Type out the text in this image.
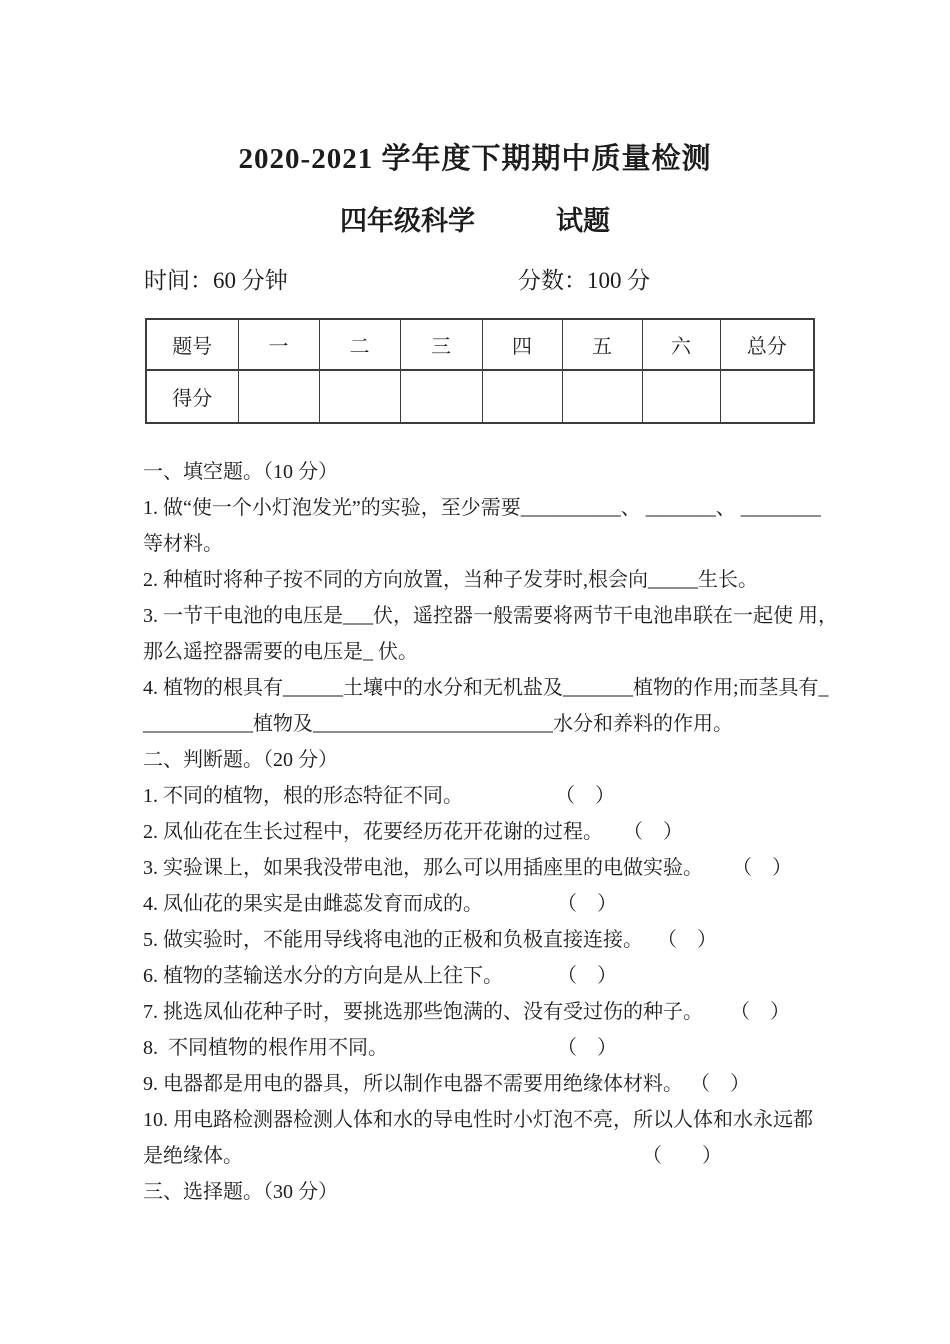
2020-2021 学年度下期期中质量检测
四年级科学　　　试题
时间：60 分钟	分数：100 分
题号	一	二	三	四	五	六	总分
得分							
一、填空题。（10 分）
1. 做“使一个小灯泡发光”的实验，至少需要__________、 _______、 ________
等材料。
2. 种植时将种子按不同的方向放置，当种子发芽时,根会向_____生长。
3. 一节干电池的电压是___伏，遥控器一般需要将两节干电池串联在一起使 用，
那么遥控器需要的电压是_ 伏。
4. 植物的根具有______土壤中的水分和无机盐及_______植物的作用;而茎具有_
___________植物及________________________水分和养料的作用。
二、判断题。（20 分）
1. 不同的植物，根的形态特征不同。	（　）
2. 凤仙花在生长过程中，花要经历花开花谢的过程。 （　）
3. 实验课上，如果我没带电池，那么可以用插座里的电做实验。 （　）
4. 凤仙花的果实是由雌蕊发育而成的。	（　）
5. 做实验时，不能用导线将电池的正极和负极直接连接。 （　）
6. 植物的茎输送水分的方向是从上往下。	（　）
7. 挑选凤仙花种子时，要挑选那些饱满的、没有受过伤的种子。 （　）
8.  不同植物的根作用不同。	（　）
9. 电器都是用电的器具，所以制作电器不需要用绝缘体材料。 （　）
10. 用电路检测器检测人体和水的导电性时小灯泡不亮，所以人体和水永远都
是绝缘体。	（　　）
三、选择题。（30 分）
